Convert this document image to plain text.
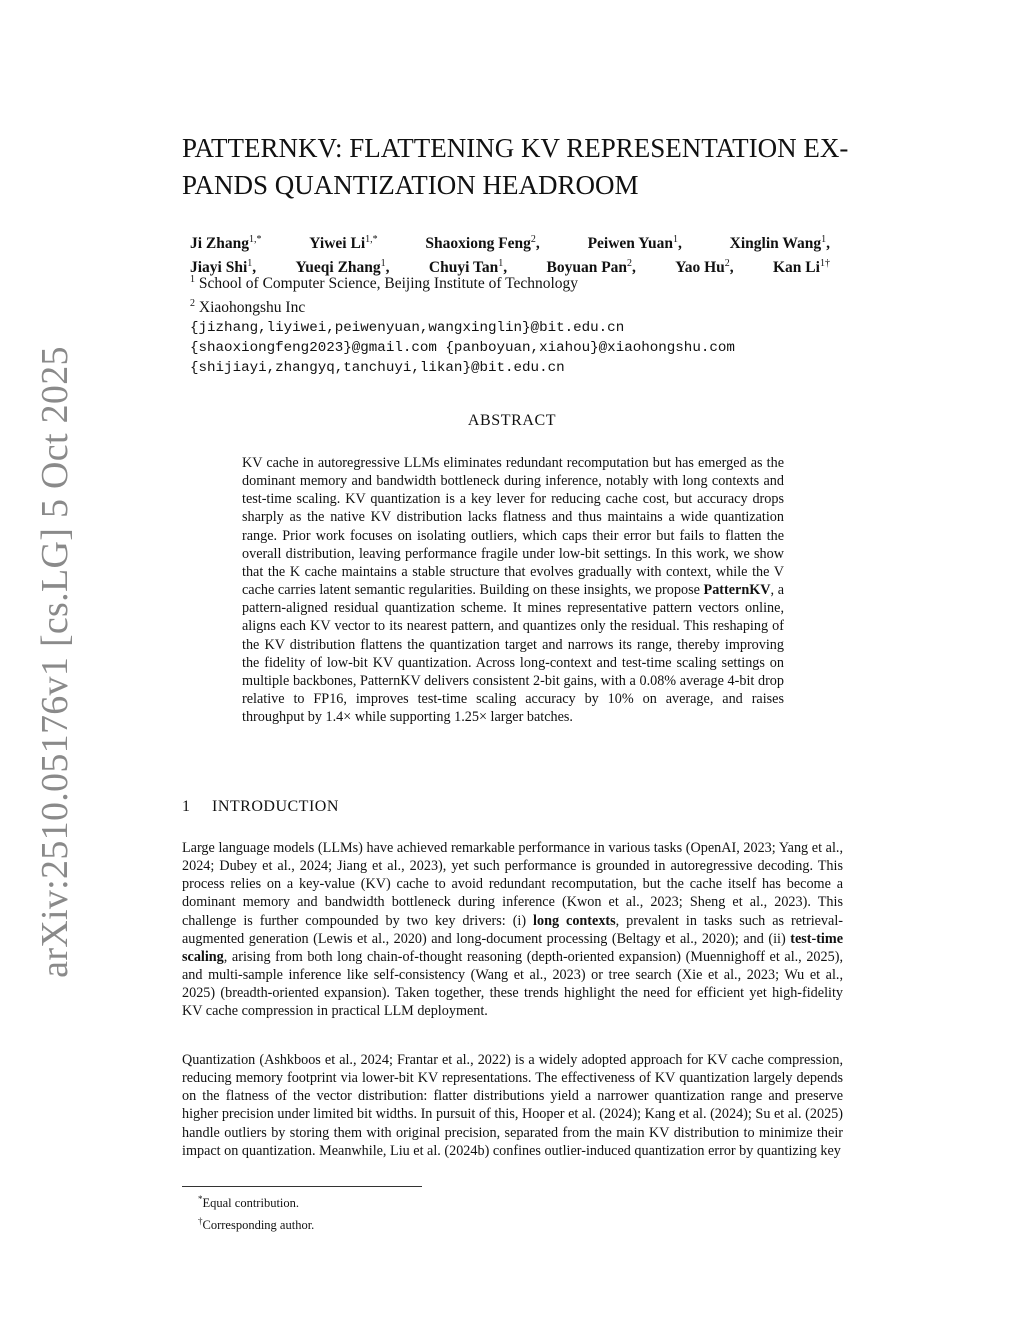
arXiv:2510.05176v1 [cs.LG] 5 Oct 2025
PATTERNKV: FLATTENING KV REPRESENTATION EX-
PANDS QUANTIZATION HEADROOM
Ji Zhang$^{1,*}$	Yiwei $Li^{1,*}$	Shaoxiong Feng$^2$,	Peiwen Yuan$^1$,	Xinglin Wang$^1$,
Jiayi Shi$^1$,	Yueqi Zhang$^1$,	Chuyi Tan$^1$,	Boyuan Pan$^2$,	Yao Hu$^2$,	Kan $Li^{1\dagger}$
$^1$ School of Computer Science, Beijing Institute of Technology
$^2$ Xiaohongshu Inc
{jizhang,liyiwei,peiwenyuan,wangxinglin}@bit.edu.cn
{shaoxiongfeng2023}@gmail.com {panboyuan,xiahou}@xiaohongshu.com
{shijiayi,zhangyq,tanchuyi,likan}@bit.edu.cn
ABSTRACT
KV cache in autoregressive LLMs eliminates redundant recomputation but has emerged as the dominant memory and bandwidth bottleneck during inference, notably with long contexts and test-time scaling. KV quantization is a key lever for reducing cache cost, but accuracy drops sharply as the native KV distribution lacks flatness and thus maintains a wide quantization range. Prior work focuses on isolating outliers, which caps their error but fails to flatten the overall distribution, leaving performance fragile under low-bit settings. In this work, we show that the K cache maintains a stable structure that evolves gradually with context, while the V cache carries latent semantic regularities. Building on these insights, we propose PatternKV, a pattern-aligned residual quantization scheme. It mines representative pattern vectors online, aligns each KV vector to its nearest pattern, and quantizes only the residual. This reshaping of the KV distribution flattens the quantization target and narrows its range, thereby improving the fidelity of low-bit KV quantization. Across long-context and test-time scaling settings on multiple backbones, PatternKV delivers consistent 2-bit gains, with a 0.08% average 4-bit drop relative to FP16, improves test-time scaling accuracy by 10% on average, and raises throughput by 1.4× while supporting 1.25× larger batches.
1 INTRODUCTION

Large language models (LLMs) have achieved remarkable performance in various tasks (OpenAI, 2023; Yang et al., 2024; Dubey et al., 2024; Jiang et al., 2023), yet such performance is grounded in autoregressive decoding. This process relies on a key-value (KV) cache to avoid redundant recomputation, but the cache itself has become a dominant memory and bandwidth bottleneck during inference (Kwon et al., 2023; Sheng et al., 2023). This challenge is further compounded by two key drivers: (i) long contexts, prevalent in tasks such as retrieval-augmented generation (Lewis et al., 2020) and long-document processing (Beltagy et al., 2020); and (ii) test-time scaling, arising from both long chain-of-thought reasoning (depth-oriented expansion) (Muennighoff et al., 2025), and multi-sample inference like self-consistency (Wang et al., 2023) or tree search (Xie et al., 2023; Wu et al., 2025) (breadth-oriented expansion). Taken together, these trends highlight the need for efficient yet high-fidelity KV cache compression in practical LLM deployment.

Quantization (Ashkboos et al., 2024; Frantar et al., 2022) is a widely adopted approach for KV cache compression, reducing memory footprint via lower-bit KV representations. The effectiveness of KV quantization largely depends on the flatness of the vector distribution: flatter distributions yield a narrower quantization range and preserve higher precision under limited bit widths. In pursuit of this, Hooper et al. (2024); Kang et al. (2024); Su et al. (2025) handle outliers by storing them with original precision, separated from the main KV distribution to minimize their impact on quantization. Meanwhile, Liu et al. (2024b) confines outlier-induced quantization error by quantizing key

*Equal contribution.
†Corresponding author.
